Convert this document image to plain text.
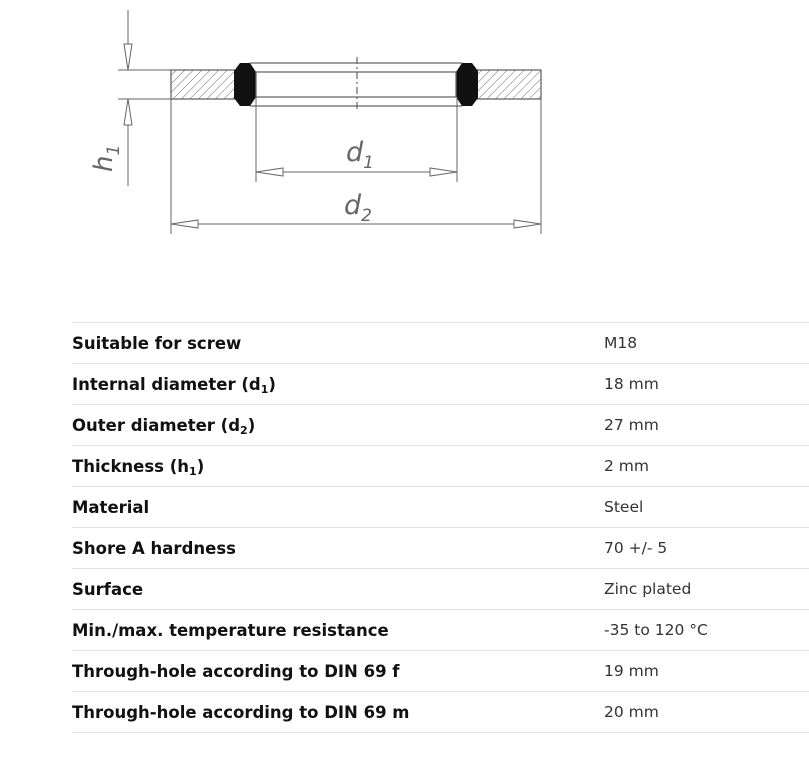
$h_1$	$d_1$
$d_2$
Suitable for screw	M18
Internal diameter $(d_1)$	18 mm
Outer diameter $(d_2)$	27 mm
Thickness $(h_1)$	2 mm
Material	Steel
Shore A hardness	70 +/- 5
Surface	Zinc plated
Min./max. temperature resistance	-35 to 120 °C
Through-hole according to DIN 69 f	19 mm
Through-hole according to DIN 69 m	20 mm
